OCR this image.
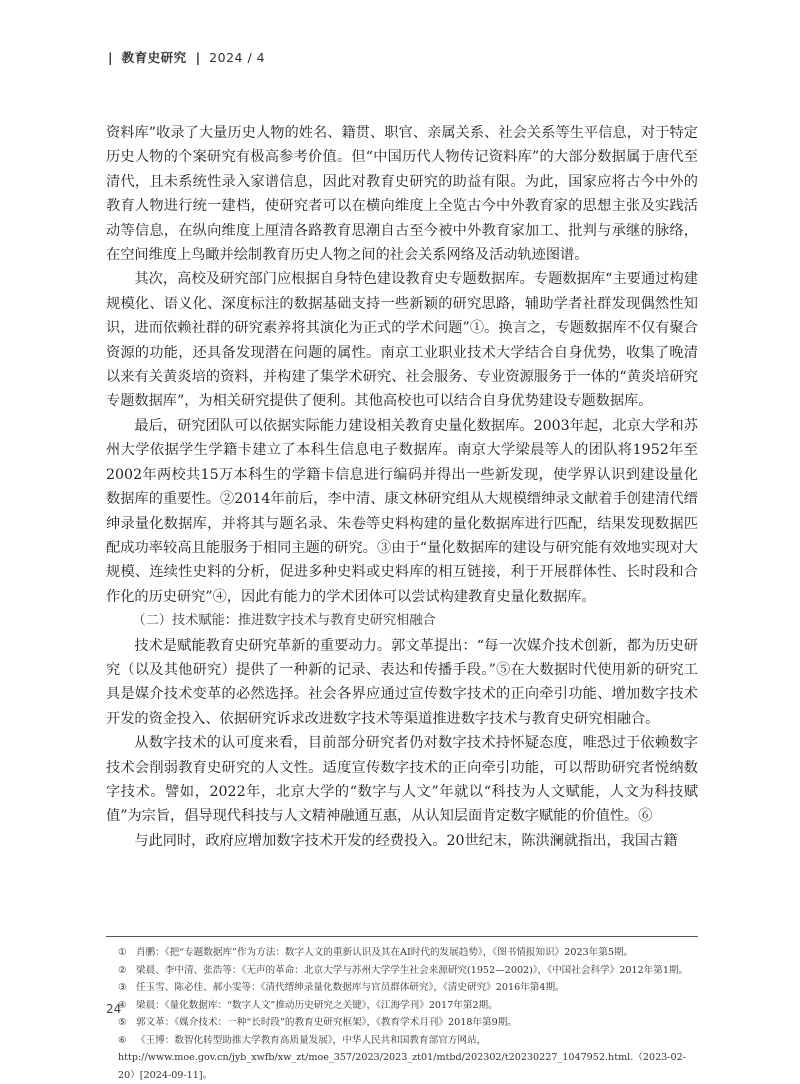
| 教育史研究 | 2024 / 4

资料库”收录了大量历史人物的姓名、籍贯、职官、亲属关系、社会关系等生平信息，对于特定历史人物的个案研究有极高参考价值。但“中国历代人物传记资料库”的大部分数据属于唐代至清代，且未系统性录入家谱信息，因此对教育史研究的助益有限。为此，国家应将古今中外的教育人物进行统一建档，使研究者可以在横向维度上全览古今中外教育家的思想主张及实践活动等信息，在纵向维度上厘清各路教育思潮自古至今被中外教育家加工、批判与承继的脉络，在空间维度上鸟瞰并绘制教育历史人物之间的社会关系网络及活动轨迹图谱。

其次，高校及研究部门应根据自身特色建设教育史专题数据库。专题数据库“主要通过构建规模化、语义化、深度标注的数据基础支持一些新颖的研究思路，辅助学者社群发现偶然性知识，进而依赖社群的研究素养将其演化为正式的学术问题”①。换言之，专题数据库不仅有聚合资源的功能，还具备发现潜在问题的属性。南京工业职业技术大学结合自身优势，收集了晚清以来有关黄炎培的资料，并构建了集学术研究、社会服务、专业资源服务于一体的“黄炎培研究专题数据库”，为相关研究提供了便利。其他高校也可以结合自身优势建设专题数据库。

最后，研究团队可以依据实际能力建设相关教育史量化数据库。2003年起，北京大学和苏州大学依据学生学籍卡建立了本科生信息电子数据库。南京大学梁晨等人的团队将1952年至2002年两校共15万本科生的学籍卡信息进行编码并得出一些新发现，使学界认识到建设量化数据库的重要性。②2014年前后，李中清、康文林研究组从大规模缙绅录文献着手创建清代缙绅录量化数据库，并将其与题名录、朱卷等史料构建的量化数据库进行匹配，结果发现数据匹配成功率较高且能服务于相同主题的研究。③由于“量化数据库的建设与研究能有效地实现对大规模、连续性史料的分析，促进多种史料或史料库的相互链接，利于开展群体性、长时段和合作化的历史研究”④，因此有能力的学术团体可以尝试构建教育史量化数据库。

（二）技术赋能：推进数字技术与教育史研究相融合

技术是赋能教育史研究革新的重要动力。郭文革提出：“每一次媒介技术创新，都为历史研究（以及其他研究）提供了一种新的记录、表达和传播手段。”⑤在大数据时代使用新的研究工具是媒介技术变革的必然选择。社会各界应通过宣传数字技术的正向牵引功能、增加数字技术开发的资金投入、依据研究诉求改进数字技术等渠道推进数字技术与教育史研究相融合。

从数字技术的认可度来看，目前部分研究者仍对数字技术持怀疑态度，唯恐过于依赖数字技术会削弱教育史研究的人文性。适度宣传数字技术的正向牵引功能，可以帮助研究者悦纳数字技术。譬如，2022年，北京大学的“数字与人文”年就以“科技为人文赋能，人文为科技赋值”为宗旨，倡导现代科技与人文精神融通互惠，从认知层面肯定数字赋能的价值性。⑥

与此同时，政府应增加数字技术开发的经费投入。20世纪末，陈洪澜就指出，我国古籍

① 肖鹏：《把“专题数据库”作为方法：数字人文的重新认识及其在AI时代的发展趋势》，《图书情报知识》2023年第5期。

② 梁晨、李中清、张浩等：《无声的革命：北京大学与苏州大学学生社会来源研究(1952—2002)》，《中国社会科学》2012年第1期。

③ 任玉雪、陈必佳、郝小雯等：《清代缙绅录量化数据库与官员群体研究》，《清史研究》2016年第4期。

④ 梁晨：《量化数据库：“数字人文”推动历史研究之关键》，《江海学刊》2017年第2期。

⑤ 郭文革：《媒介技术：一种“长时段”的教育史研究框架》，《教育学术月刊》2018年第9期。

⑥ 《王博：数智化转型助推大学教育高质量发展》，中华人民共和国教育部官方网站，http://www.moe.gov.cn/jyb_xwfb/xw_zt/moe_357/2023/2023_zt01/mtbd/202302/t20230227_1047952.html.（2023-02-20）[2024-09-11]。

24
